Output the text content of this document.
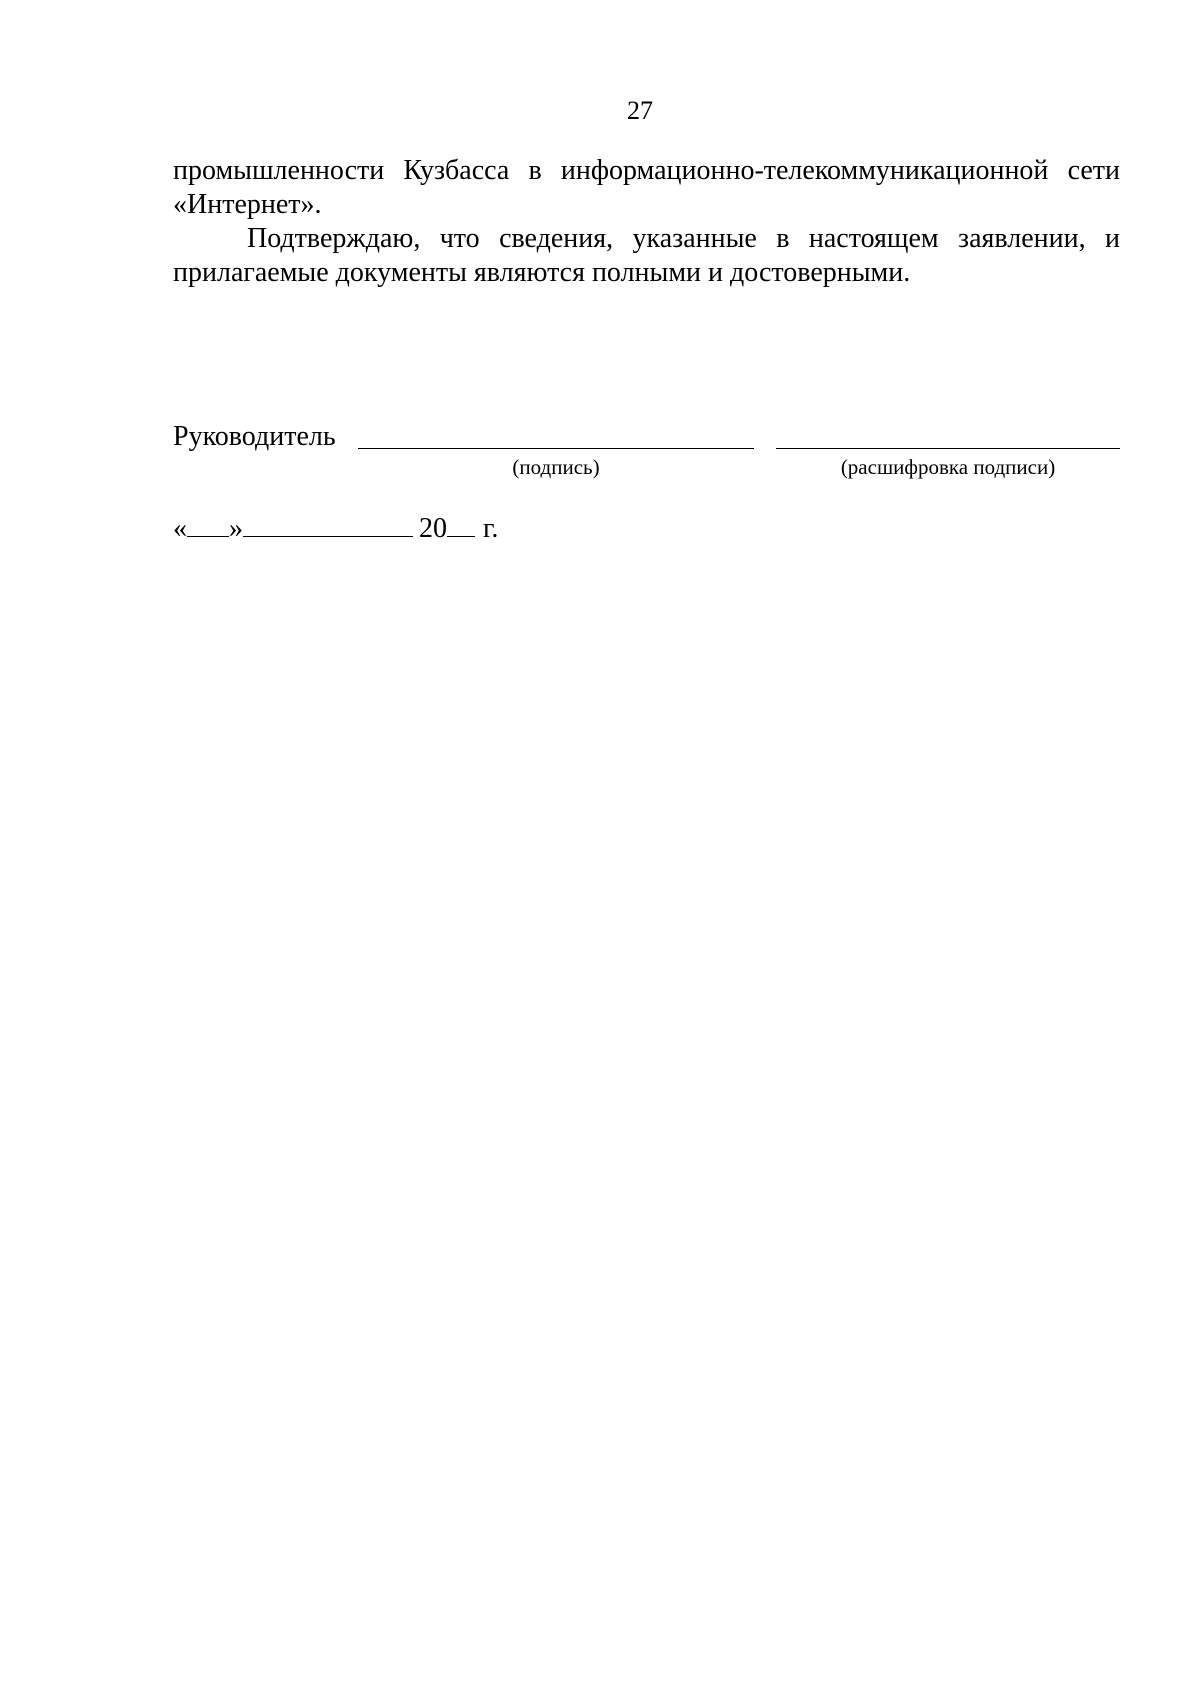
27

промышленности Кузбасса в информационно-телекоммуникационной сети «Интернет».

Подтверждаю, что сведения, указанные в настоящем заявлении, и прилагаемые документы являются полными и достоверными.

Руководитель
(подпись)	(расшифровка подписи)
« »	20 г.
